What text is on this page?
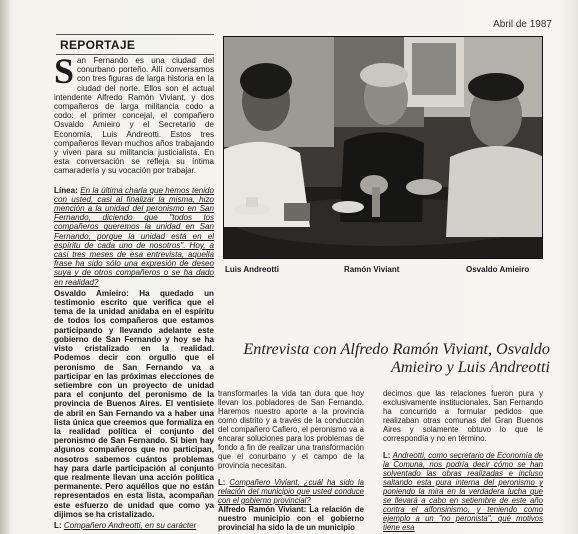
Abril de 1987
REPORTAJE

San Fernando es una ciudad del conurbano porteño. Allí conversamos con tres figuras de larga historia en la ciudad del norte. Ellos son el actual intendente Alfredo Ramón Viviant, y dos compañeros de larga militancia codo a codo: el primer concejal, el compañero Osvaldo Amieiro y el Secretario de Economía, Luis Andreotti. Estos tres compañeros llevan muchos años trabajando y viven para su militancia justicialista. En esta conversación se refleja su íntima camaradería y su vocación por trabajar.

Línea: En la última charla que hemos tenido con usted, casi al finalizar la misma, hizo mención a la unidad del peronismo en San Fernando, diciendo que "todos los compañeros queremos la unidad en San Fernando, porque la unidad está en el espíritu de cada uno de nosotros". Hoy, a casi tres meses de esa entrevista, aquella frase ha sido sólo una expresión de deseo suya y de otros compañeros o se ha dado en realidad?

Osvaldo Amieiro: Ha quedado un testimonio escrito que verifica que el tema de la unidad anidaba en el espíritu de todos los compañeros que estamos participando y llevando adelante este gobierno de San Fernando y hoy se ha visto cristalizado en la realidad. Podemos decir con orgullo que el peronismo de San Fernando va a participar en las próximas elecciones de setiembre con un proyecto de unidad para el conjunto del peronismo de la provincia de Buenos Aires. El ventisiete de abril en San Fernando va a haber una lista única que creemos que formaliza en la realidad política el conjunto del peronismo de San Fernando. Si bien hay algunos compañeros que no participan, nosotros sabemos cuántos problemas hay para darle participación al conjunto que realmente llevan una acción política permanente. Pero aquéllos que no están representados en esta lista, acompañan este esfuerzo de unidad que como ya dijimos se ha cristalizado.

L: Compañero Andreotti, en su carácter

Luis Andreotti	Ramón Viviant	Osvaldo Amieiro
Entrevista con Alfredo Ramón Viviant, Osvaldo Amieiro y Luis Andreotti

transformarles la vida tan dura que hoy llevan los pobladores de San Fernando. Haremos nuestro aporte a la provincia como distrito y a través de la conducción del compañero Cafiero, el peronismo va a encarar soluciones para los problemas de fondo a fin de realizar una transformación que el conurbano y el campo de la provincia necesitan.

L: Compañero Viviant, ¿cuál ha sido la relación del municipio que usted conduce con el gobierno provincial?

Alfredo Ramón Viviant: La relación de nuestro municipio con el gobierno provincial ha sido la de un municipio

decimos que las relaciones fueron pura y exclusivamente institucionales. San Fernando ha concurrido a formular pedidos que realizaban otras comunas del Gran Buenos Aires y solamente obtuvo lo que le correspondía y no en término.

L: Andreotti, como secretario de Economía de la Comuna, nos podría decir cómo se han solventado las obras realizadas e incluso saltando esta pura interna del peronismo y poniendo la mira en la verdadera lucha que se llevará a cabo en setiembre de este año contra el alfonsinismo, y teniendo como ejemplo a un "no peronista", qué motivos tiene esa
